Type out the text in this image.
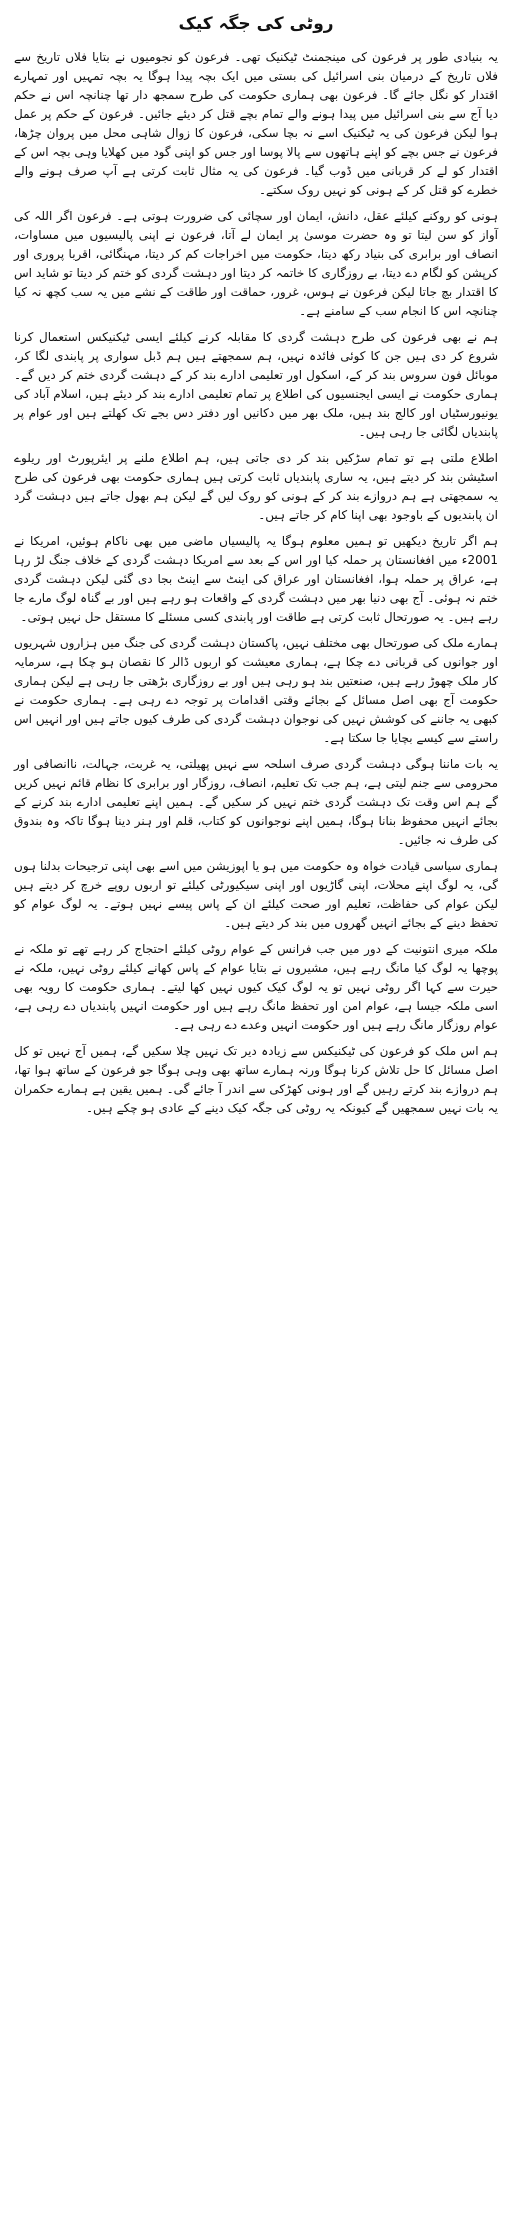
روٹی کی جگہ کیک

یہ بنیادی طور پر فرعون کی مینجمنٹ ٹیکنیک تھی۔ فرعون کو نجومیوں نے بتایا فلاں تاریخ سے فلاں تاریخ کے درمیان بنی اسرائیل کی بستی میں ایک بچہ پیدا ہوگا یہ بچہ تمہیں اور تمہارے اقتدار کو نگل جائے گا۔ فرعون بھی ہماری حکومت کی طرح سمجھ دار تھا چنانچہ اس نے حکم دیا آج سے بنی اسرائیل میں پیدا ہونے والے تمام بچے قتل کر دیئے جائیں۔ فرعون کے حکم پر عمل ہوا لیکن فرعون کی یہ ٹیکنیک اسے نہ بچا سکی، فرعون کا زوال شاہی محل میں پروان چڑھا، فرعون نے جس بچے کو اپنے ہاتھوں سے پالا پوسا اور جس کو اپنی گود میں کھلایا وہی بچہ اس کے اقتدار کو لے کر قربانی میں ڈوب گیا۔ فرعون کی یہ مثال ثابت کرتی ہے آپ صرف ہونے والے خطرے کو قتل کر کے ہونی کو نہیں روک سکتے۔

ہونی کو روکنے کیلئے عقل، دانش، ایمان اور سچائی کی ضرورت ہوتی ہے۔ فرعون اگر اللہ کی آواز کو سن لیتا تو وہ حضرت موسیٰ پر ایمان لے آتا، فرعون نے اپنی پالیسیوں میں مساوات، انصاف اور برابری کی بنیاد رکھ دیتا، حکومت میں اخراجات کم کر دیتا، مہنگائی، اقربا پروری اور کرپشن کو لگام دے دیتا، بے روزگاری کا خاتمہ کر دیتا اور دہشت گردی کو ختم کر دیتا تو شاید اس کا اقتدار بچ جاتا لیکن فرعون نے ہوس، غرور، حماقت اور طاقت کے نشے میں یہ سب کچھ نہ کیا چنانچہ اس کا انجام سب کے سامنے ہے۔

ہم نے بھی فرعون کی طرح دہشت گردی کا مقابلہ کرنے کیلئے ایسی ٹیکنیکس استعمال کرنا شروع کر دی ہیں جن کا کوئی فائدہ نہیں، ہم سمجھتے ہیں ہم ڈبل سواری پر پابندی لگا کر، موبائل فون سروس بند کر کے، اسکول اور تعلیمی ادارے بند کر کے دہشت گردی ختم کر دیں گے۔ ہماری حکومت نے ایسی ایجنسیوں کی اطلاع پر تمام تعلیمی ادارے بند کر دیئے ہیں، اسلام آباد کی یونیورسٹیاں اور کالج بند ہیں، ملک بھر میں دکانیں اور دفتر دس بجے تک کھلتے ہیں اور عوام پر پابندیاں لگائی جا رہی ہیں۔

اطلاع ملتی ہے تو تمام سڑکیں بند کر دی جاتی ہیں، ہم اطلاع ملنے پر ایئرپورٹ اور ریلوے اسٹیشن بند کر دیتے ہیں، یہ ساری پابندیاں ثابت کرتی ہیں ہماری حکومت بھی فرعون کی طرح یہ سمجھتی ہے ہم دروازے بند کر کے ہونی کو روک لیں گے لیکن ہم بھول جاتے ہیں دہشت گرد ان پابندیوں کے باوجود بھی اپنا کام کر جاتے ہیں۔

ہم اگر تاریخ دیکھیں تو ہمیں معلوم ہوگا یہ پالیسیاں ماضی میں بھی ناکام ہوئیں، امریکا نے 2001ء میں افغانستان پر حملہ کیا اور اس کے بعد سے امریکا دہشت گردی کے خلاف جنگ لڑ رہا ہے، عراق پر حملہ ہوا، افغانستان اور عراق کی اینٹ سے اینٹ بجا دی گئی لیکن دہشت گردی ختم نہ ہوئی۔ آج بھی دنیا بھر میں دہشت گردی کے واقعات ہو رہے ہیں اور بے گناہ لوگ مارے جا رہے ہیں۔ یہ صورتحال ثابت کرتی ہے طاقت اور پابندی کسی مسئلے کا مستقل حل نہیں ہوتی۔

ہمارے ملک کی صورتحال بھی مختلف نہیں، پاکستان دہشت گردی کی جنگ میں ہزاروں شہریوں اور جوانوں کی قربانی دے چکا ہے، ہماری معیشت کو اربوں ڈالر کا نقصان ہو چکا ہے، سرمایہ کار ملک چھوڑ رہے ہیں، صنعتیں بند ہو رہی ہیں اور بے روزگاری بڑھتی جا رہی ہے لیکن ہماری حکومت آج بھی اصل مسائل کے بجائے وقتی اقدامات پر توجہ دے رہی ہے۔ ہماری حکومت نے کبھی یہ جاننے کی کوشش نہیں کی نوجوان دہشت گردی کی طرف کیوں جاتے ہیں اور انہیں اس راستے سے کیسے بچایا جا سکتا ہے۔

یہ بات ماننا ہوگی دہشت گردی صرف اسلحہ سے نہیں پھیلتی، یہ غربت، جہالت، ناانصافی اور محرومی سے جنم لیتی ہے، ہم جب تک تعلیم، انصاف، روزگار اور برابری کا نظام قائم نہیں کریں گے ہم اس وقت تک دہشت گردی ختم نہیں کر سکیں گے۔ ہمیں اپنے تعلیمی ادارے بند کرنے کے بجائے انہیں محفوظ بنانا ہوگا، ہمیں اپنے نوجوانوں کو کتاب، قلم اور ہنر دینا ہوگا تاکہ وہ بندوق کی طرف نہ جائیں۔

ہماری سیاسی قیادت خواہ وہ حکومت میں ہو یا اپوزیشن میں اسے بھی اپنی ترجیحات بدلنا ہوں گی، یہ لوگ اپنے محلات، اپنی گاڑیوں اور اپنی سیکیورٹی کیلئے تو اربوں روپے خرچ کر دیتے ہیں لیکن عوام کی حفاظت، تعلیم اور صحت کیلئے ان کے پاس پیسے نہیں ہوتے۔ یہ لوگ عوام کو تحفظ دینے کے بجائے انہیں گھروں میں بند کر دیتے ہیں۔

ملکہ میری انتونیت کے دور میں جب فرانس کے عوام روٹی کیلئے احتجاج کر رہے تھے تو ملکہ نے پوچھا یہ لوگ کیا مانگ رہے ہیں، مشیروں نے بتایا عوام کے پاس کھانے کیلئے روٹی نہیں، ملکہ نے حیرت سے کہا اگر روٹی نہیں تو یہ لوگ کیک کیوں نہیں کھا لیتے۔ ہماری حکومت کا رویہ بھی اسی ملکہ جیسا ہے، عوام امن اور تحفظ مانگ رہے ہیں اور حکومت انہیں پابندیاں دے رہی ہے، عوام روزگار مانگ رہے ہیں اور حکومت انہیں وعدے دے رہی ہے۔

ہم اس ملک کو فرعون کی ٹیکنیکس سے زیادہ دیر تک نہیں چلا سکیں گے، ہمیں آج نہیں تو کل اصل مسائل کا حل تلاش کرنا ہوگا ورنہ ہمارے ساتھ بھی وہی ہوگا جو فرعون کے ساتھ ہوا تھا، ہم دروازے بند کرتے رہیں گے اور ہونی کھڑکی سے اندر آ جائے گی۔ ہمیں یقین ہے ہمارے حکمران یہ بات نہیں سمجھیں گے کیونکہ یہ روٹی کی جگہ کیک دینے کے عادی ہو چکے ہیں۔
